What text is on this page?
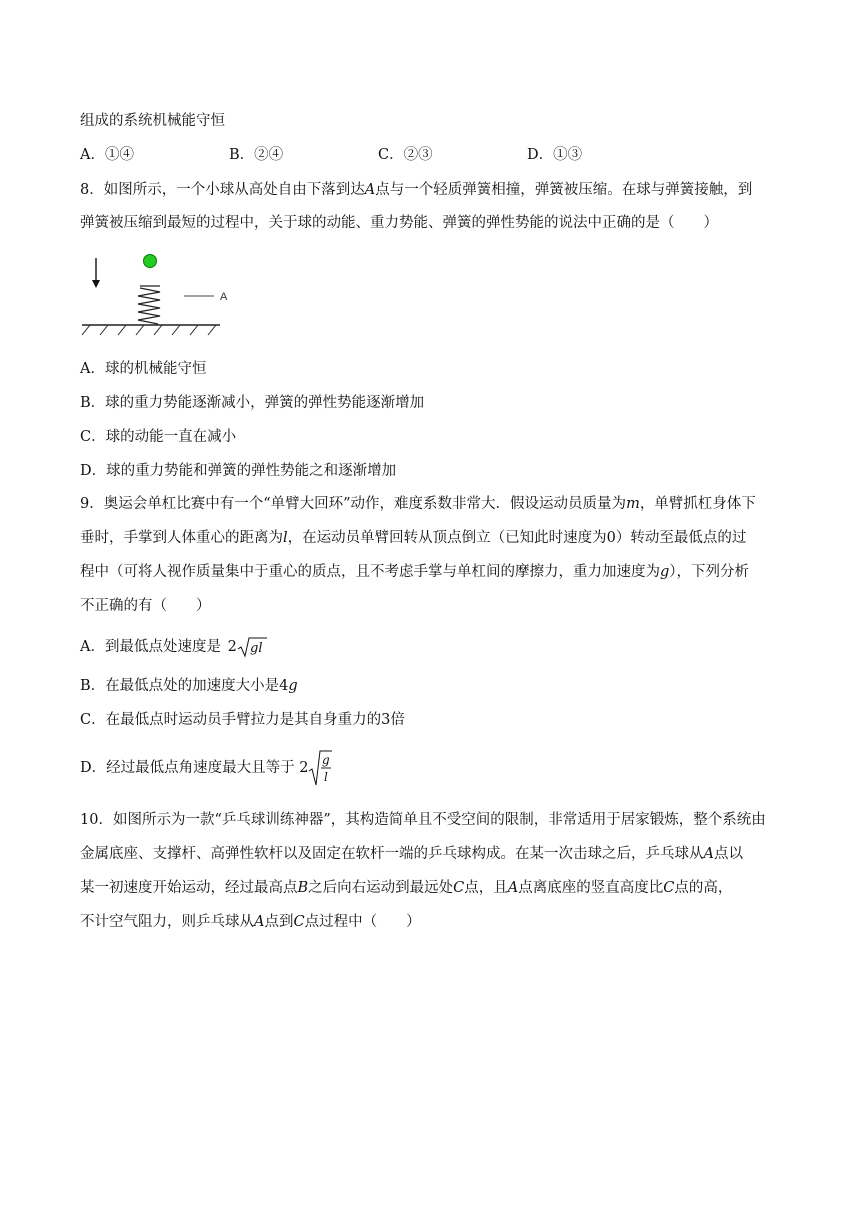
组成的系统机械能守恒
A．①④	B．②④	C．②③	D．①③
8．如图所示，一个小球从高处自由下落到达A点与一个轻质弹簧相撞，弹簧被压缩。在球与弹簧接触，到
弹簧被压缩到最短的过程中，关于球的动能、重力势能、弹簧的弹性势能的说法中正确的是（　　）
A
A．球的机械能守恒
B．球的重力势能逐渐减小，弹簧的弹性势能逐渐增加
C．球的动能一直在减小
D．球的重力势能和弹簧的弹性势能之和逐渐增加
9．奥运会单杠比赛中有一个“单臂大回环”动作，难度系数非常大．假设运动员质量为m，单臂抓杠身体下
垂时，手掌到人体重心的距离为l，在运动员单臂回转从顶点倒立（已知此时速度为0）转动至最低点的过
程中（可将人视作质量集中于重心的质点，且不考虑手掌与单杠间的摩擦力，重力加速度为g），下列分析
不正确的有（　　）
A．到最低点处速度是 2 gl
B．在最低点处的加速度大小是4g
C．在最低点时运动员手臂拉力是其自身重力的3倍
D．经过最低点角速度最大且等于 2 g
l
10．如图所示为一款“乒乓球训练神器”，其构造简单且不受空间的限制，非常适用于居家锻炼，整个系统由
金属底座、支撑杆、高弹性软杆以及固定在软杆一端的乒乓球构成。在某一次击球之后，乒乓球从A点以
某一初速度开始运动，经过最高点B之后向右运动到最远处C点，且A点离底座的竖直高度比C点的高，
不计空气阻力，则乒乓球从A点到C点过程中（　　）
